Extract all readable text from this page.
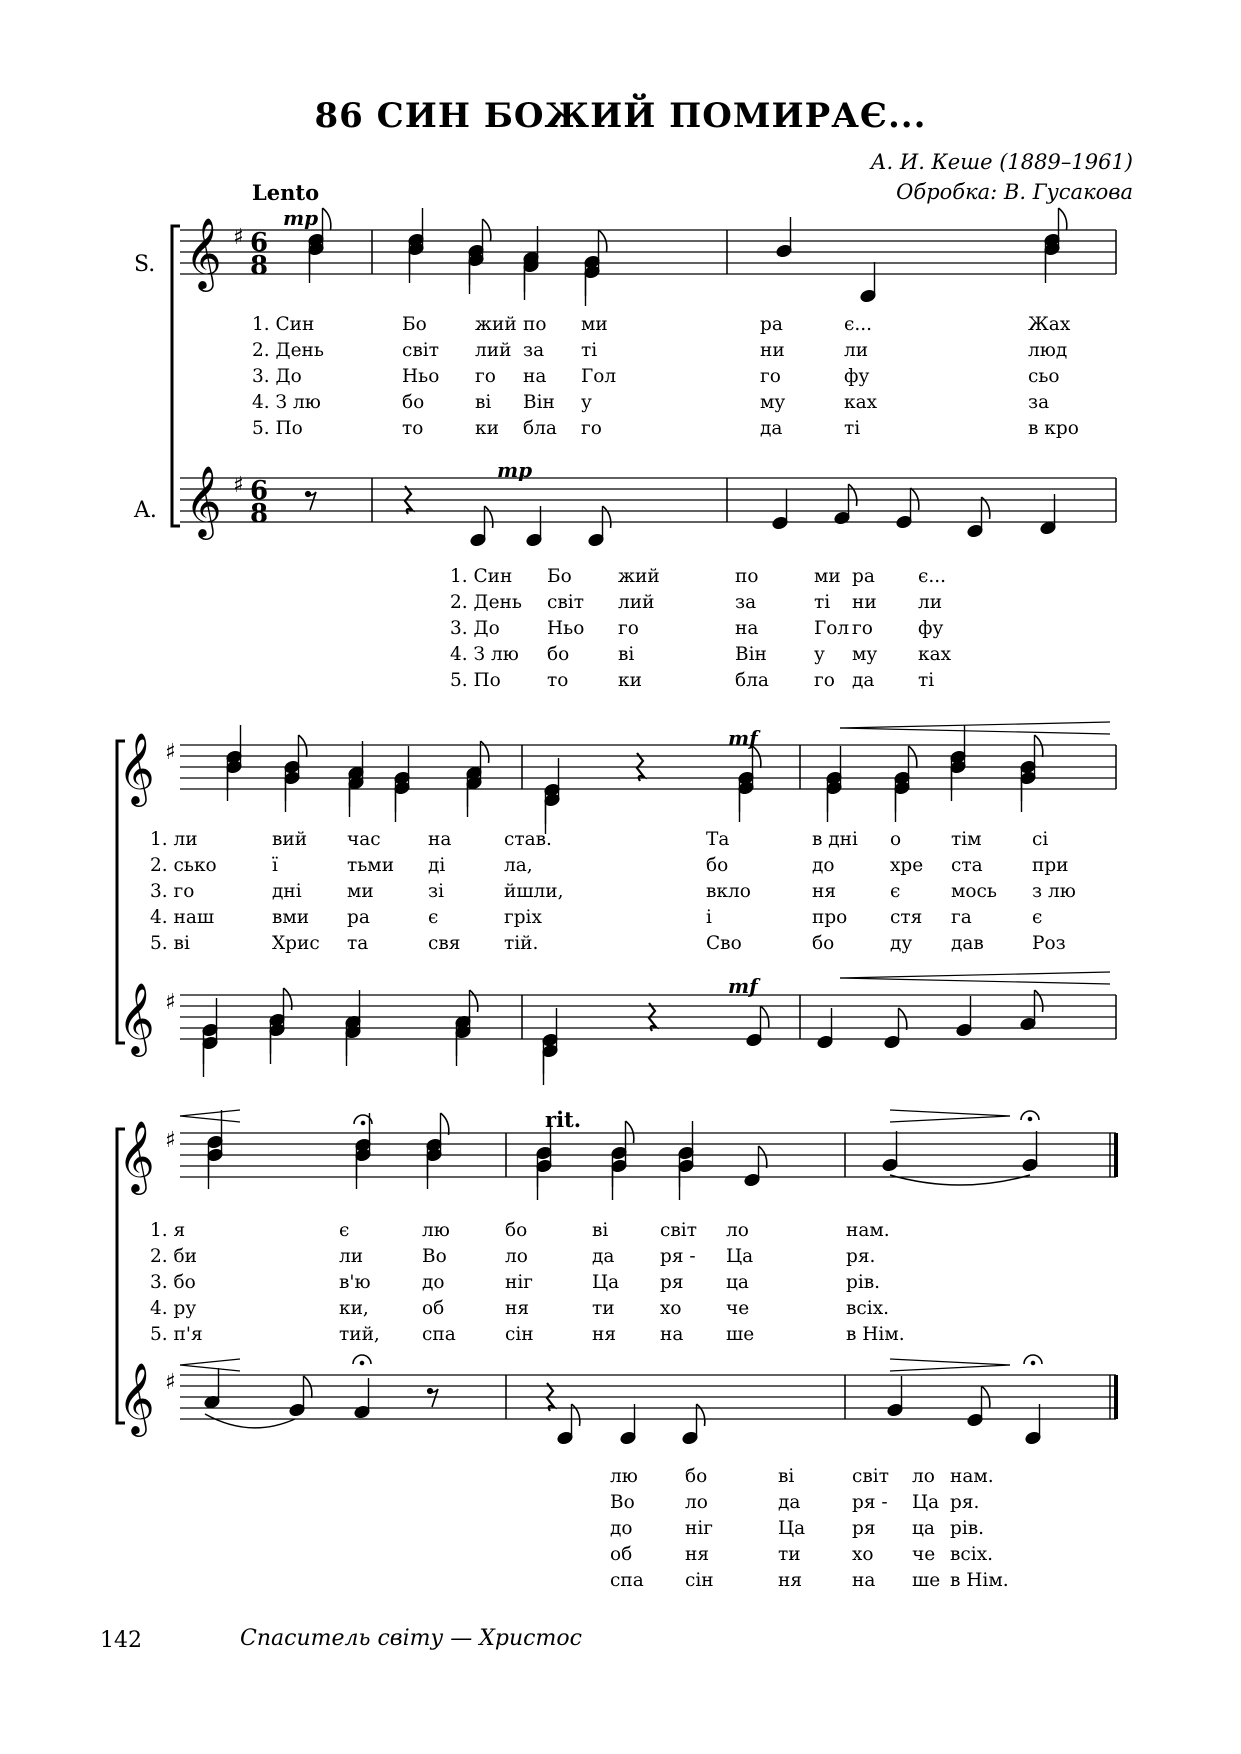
86 СИН БОЖИЙ ПОМИРАЄ...
А. И. Кеше (1889–1961)
Обробка: В. Гусакова
Lento
mp
mp
mf
mf
rit.
S.
A.
𝄞 ♯ 6
8
𝄞 ♯ 6
8
𝄞 ♯
𝄞 ♯
𝄞 ♯
𝄞 ♯
1. Син	Бо	жий по ми	ра	є...	Жах
2. День	світ лий за ті	ни	ли	люд
3. До	Ньо го на Гол	го	фу	сьо
4. З лю	бо	ві Він у	му	ках	за
5. По	то	ки бла го	да	ті	в кро
1. Син Бо	жий	по	ми ра є...
2. День світ лий	за	ті ни ли
3. До	Ньо го	на	Гол го фу
4. З лю бо	ві	Він	у му ках
5. По то	ки	бла го да ті
1. ли	вий час	на	став.	Та	в дні о	тім	сі
2. сько	ї	тьми ді	ла,	бо	до	хре ста	при
3. го	дні ми	зі	йшли,	вкло	ня	є	мось з лю
4. наш	вми ра	є	гріх	і	про стя га	є
5. ві	Хрис та	свя тій.	Сво	бо	ду дав	Роз
1. я	є	лю	бо	ві	світ ло	нам.
2. би	ли	Во	ло	да ря - Ца	ря.
3. бо	в'ю	до	ніг	Ца ря ца	рів.
4. ру	ки,	об	ня	ти хо че	всіх.
5. п'я	тий, спа	сін	ня на ше	в Нім.
лю	бо	ві	світ ло нам.
Во	ло	да	ря - Ца ря.
до	ніг	Ца	ря ца рів.
об	ня	ти	хо че всіх.
спа сін	ня	на ше в Нім.
142	Спаситель світу — Христос
